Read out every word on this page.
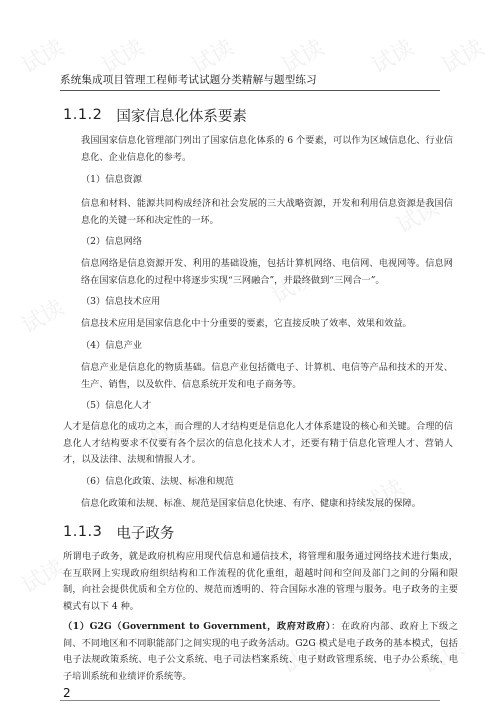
试读 试读 试读 试读 试读 试读
试读
试读
试读
试读
试读
试读
试读	试读
系统集成项目管理工程师考试试题分类精解与题型练习
1.1.2 国家信息化体系要素
我国国家信息化管理部门列出了国家信息化体系的 6 个要素，可以作为区域信息化、行业信息化、企业信息化的参考。
（1）信息资源
信息和材料、能源共同构成经济和社会发展的三大战略资源，开发和利用信息资源是我国信息化的关键一环和决定性的一环。
（2）信息网络
信息网络是信息资源开发、利用的基础设施，包括计算机网络、电信网、电视网等。信息网络在国家信息化的过程中将逐步实现“三网融合”，并最终做到“三网合一”。
（3）信息技术应用
信息技术应用是国家信息化中十分重要的要素，它直接反映了效率、效果和效益。
（4）信息产业
信息产业是信息化的物质基础。信息产业包括微电子、计算机、电信等产品和技术的开发、生产、销售，以及软件、信息系统开发和电子商务等。
（5）信息化人才
人才是信息化的成功之本，而合理的人才结构更是信息化人才体系建设的核心和关键。合理的信息化人才结构要求不仅要有各个层次的信息化技术人才，还要有精于信息化管理人才、营销人才，以及法律、法规和情报人才。
（6）信息化政策、法规、标准和规范
信息化政策和法规、标准、规范是国家信息化快速、有序、健康和持续发展的保障。
1.1.3 电子政务
所谓电子政务，就是政府机构应用现代信息和通信技术，将管理和服务通过网络技术进行集成，在互联网上实现政府组织结构和工作流程的优化重组，超越时间和空间及部门之间的分隔和限制，向社会提供优质和全方位的、规范而透明的、符合国际水准的管理与服务。电子政务的主要模式有以下 4 种。
（1）G2G（Government to Government，政府对政府）：在政府内部、政府上下级之间、不同地区和不同职能部门之间实现的电子政务活动。G2G 模式是电子政务的基本模式，包括电子法规政策系统、电子公文系统、电子司法档案系统、电子财政管理系统、电子办公系统、电子培训系统和业绩评价系统等。
2
